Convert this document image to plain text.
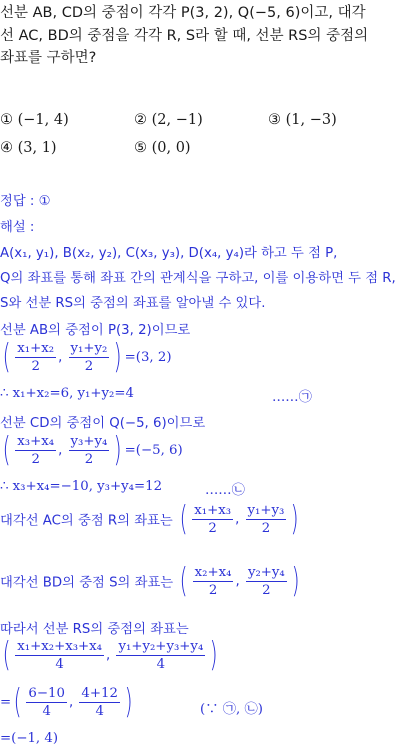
선분 AB, CD의 중점이 각각 P(3, 2), Q(−5, 6)이고, 대각
선 AC, BD의 중점을 각각 R, S라 할 때, 선분 RS의 중점의
좌표를 구하면?
① (−1, 4)	② (2, −1)	③ (1, −3)
④ (3, 1)	⑤ (0, 0)
정답 : ①
해설 :
A(x₁, y₁), B(x₂, y₂), C(x₃, y₃), D(x₄, y₄)라 하고 두 점 P,
Q의 좌표를 통해 좌표 간의 관계식을 구하고, 이를 이용하면 두 점 R,
S와 선분 RS의 중점의 좌표를 알아낼 수 있다.
선분 AB의 중점이 P(3, 2)이므로
( $\frac{\text{x₁+x₂}}{2}$ , $\frac{\text{y₁+y₂}}{2}$ ) =(3, 2)
∴ x₁+x₂=6, y₁+y₂=4	……㉠
선분 CD의 중점이 Q(−5, 6)이므로
( $\frac{\text{x₃+x₄}}{2}$ , $\frac{\text{y₃+y₄}}{2}$ ) =(−5, 6)
∴ x₃+x₄=−10, y₃+y₄=12	……㉡
대각선 AC의 중점 R의 좌표는 ( $\frac{\text{x₁+x₃}}{2}$ , $\frac{\text{y₁+y₃}}{2}$ )
대각선 BD의 중점 S의 좌표는 ( $\frac{\text{x₂+x₄}}{2}$ , $\frac{\text{y₂+y₄}}{2}$ )
따라서 선분 RS의 중점의 좌표는
( $\frac{\text{x₁+x₂+x₃+x₄}}{4}$ , $\frac{\text{y₁+y₂+y₃+y₄}}{4}$ )
= ( $\frac{6-10}{4}$ , $\frac{4+12}{4}$ )	(∵ ㉠, ㉡)
=(−1, 4)
